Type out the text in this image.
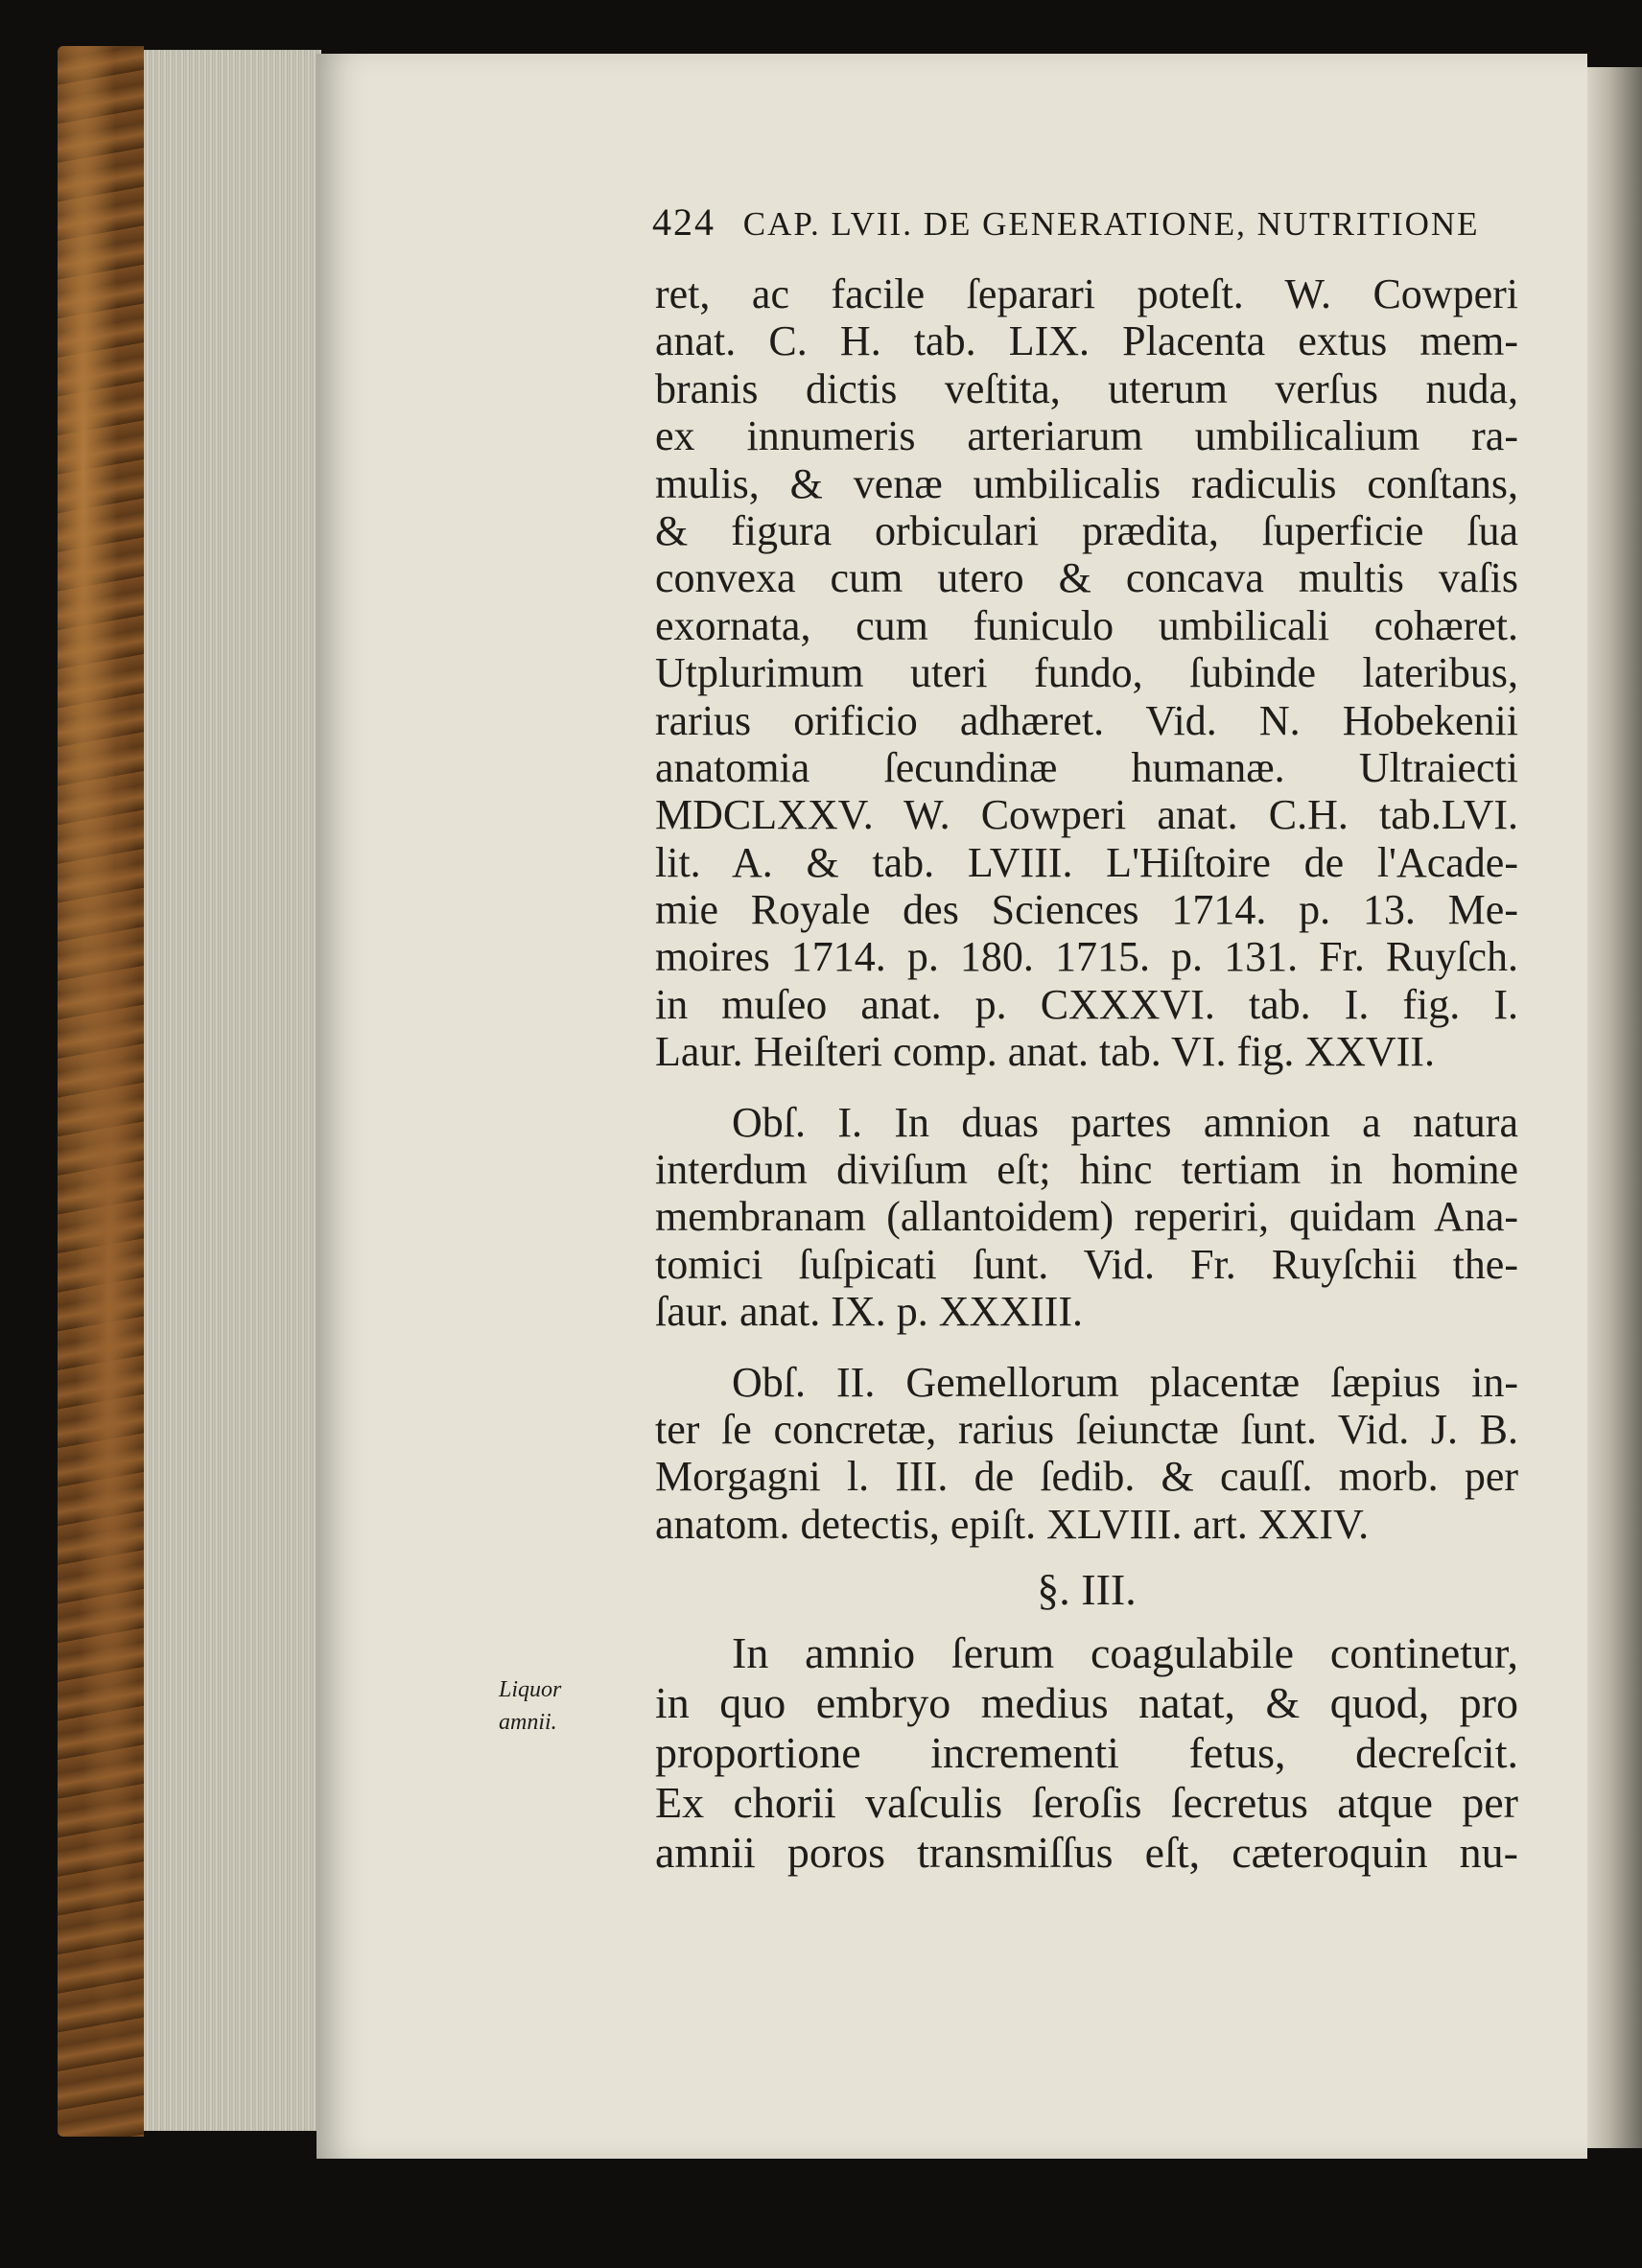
424 CAP. LVII. DE GENERATIONE, NUTRITIONE
Liquor amnii.
ret, ac facile ſeparari poteſt. W. Cowperi
anat. C. H. tab. LIX. Placenta extus mem-
branis dictis veſtita, uterum verſus nuda,
ex innumeris arteriarum umbilicalium ra-
mulis, & venæ umbilicalis radiculis conſtans,
& figura orbiculari prædita, ſuperficie ſua
convexa cum utero & concava multis vaſis
exornata, cum funiculo umbilicali cohæret.
Utplurimum uteri fundo, ſubinde lateribus,
rarius orificio adhæret. Vid. N. Hobekenii
anatomia ſecundinæ humanæ. Ultraiecti
MDCLXXV. W. Cowperi anat. C.H. tab.LVI.
lit. A. & tab. LVIII. L'Hiſtoire de l'Acade-
mie Royale des Sciences 1714. p. 13. Me-
moires 1714. p. 180. 1715. p. 131. Fr. Ruyſch.
in muſeo anat. p. CXXXVI. tab. I. fig. I.
Laur. Heiſteri comp. anat. tab. VI. fig. XXVII.
Obſ. I. In duas partes amnion a natura
interdum diviſum eſt; hinc tertiam in homine
membranam (allantoidem) reperiri, quidam Ana-
tomici ſuſpicati ſunt. Vid. Fr. Ruyſchii the-
ſaur. anat. IX. p. XXXIII.
Obſ. II. Gemellorum placentæ ſæpius in-
ter ſe concretæ, rarius ſeiunctæ ſunt. Vid. J. B.
Morgagni l. III. de ſedib. & cauſſ. morb. per
anatom. detectis, epiſt. XLVIII. art. XXIV.
§. III.
In amnio ſerum coagulabile continetur,
in quo embryo medius natat, & quod, pro
proportione incrementi fetus, decreſcit.
Ex chorii vaſculis ſeroſis ſecretus atque per
amnii poros transmiſſus eſt, cæteroquin nu-
